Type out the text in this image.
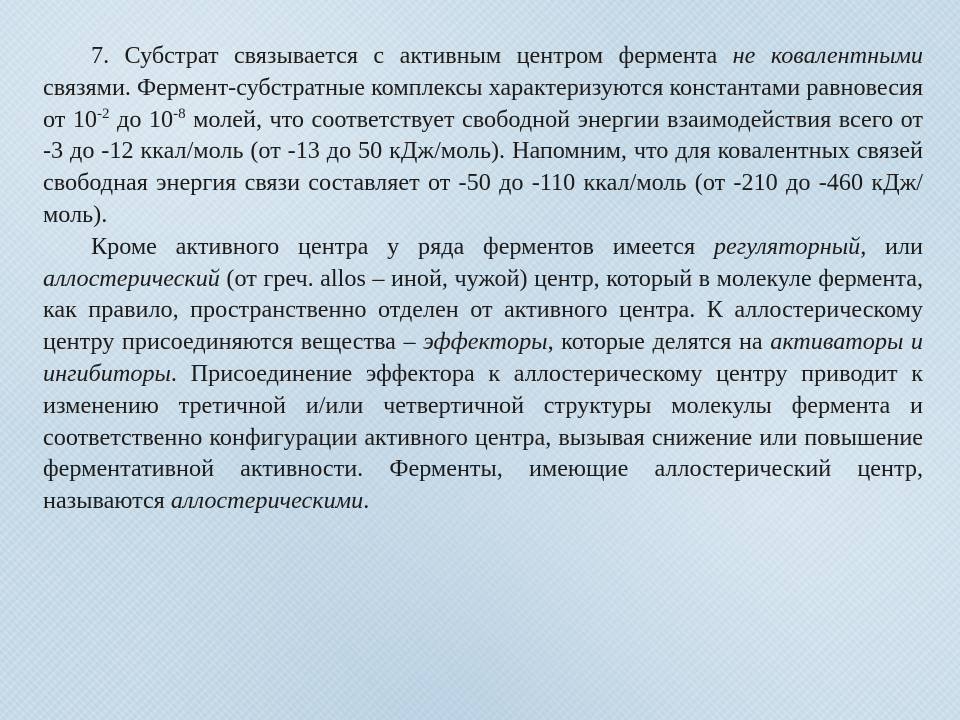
7. Субстрат связывается с активным центром фермента не ковалентными связями. Фермент-субстратные комплексы характеризуются константами равновесия от $10^{-2}$ до $10^{-8}$ молей, что соответствует свободной энергии взаимодействия всего от -3 до -12 ккал/моль (от -13 до 50 кДж/моль). Напомним, что для ковалентных связей свободная энергия связи составляет от -50 до -110 ккал/моль (от -210 до -460 кДж/моль).

Кроме активного центра у ряда ферментов имеется регуляторный, или аллостерический (от греч. allos – иной, чужой) центр, который в молекуле фермента, как правило, пространственно отделен от активного центра. К аллостерическому центру присоединяются вещества – эффекторы, которые делятся на активаторы и ингибиторы. Присоединение эффектора к аллостерическому центру приводит к изменению третичной и/или четвертичной структуры молекулы фермента и соответственно конфигурации активного центра, вызывая снижение или повышение ферментативной активности. Ферменты, имеющие аллостерический центр, называются аллостерическими.
